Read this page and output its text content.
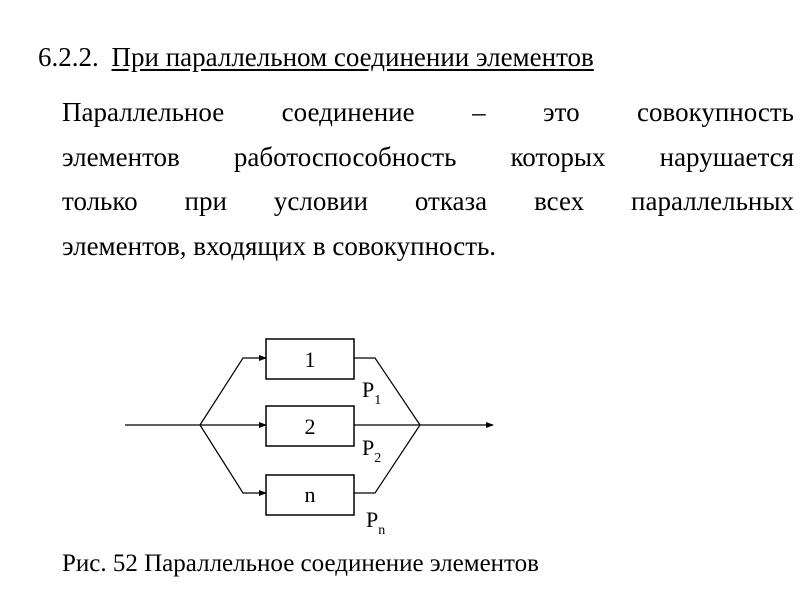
6.2.2. При параллельном соединении элементов
Параллельное соединение – это совокупность
элементов работоспособность которых нарушается
только при условии отказа всех параллельных
элементов, входящих в совокупность.
1
2
n
$P_1$
$P_2$
$P_n$
Рис. 52 Параллельное соединение элементов
